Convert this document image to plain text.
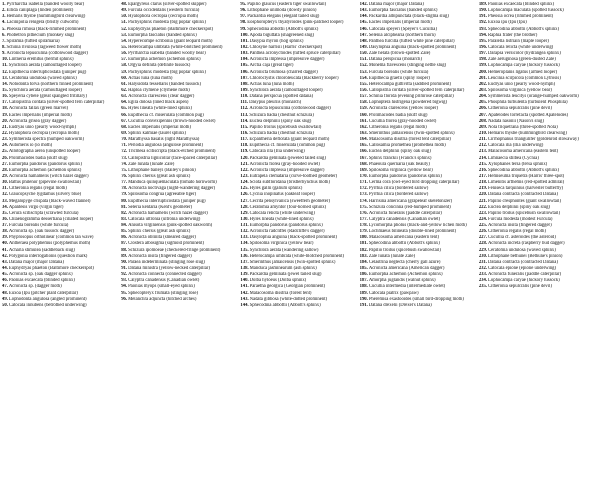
1.Pyrrharctia isabella (banded woolly bear)
2.Ellida caniplaga (linden prominent)
3.Hemaris thysbe (hummingbird clearwing)
4.Lacinipolia renigera (bristly cutworm)
5.Pheosia rimosa (black-rimmed prominent)
6.Phobetron pithecium (monkey slug)
7.Spiramia (tufted spiramaria)
8.Schinia rivulosa (ragweed flower moth)
9.Acronicta lepusculina (cottonwood dagger)
10.Lintneria eremitus (hermit sphinx)
11.Synchlora aerata (camouflaged looper)
12.Eupithecia interrupticostata (juniper pug)
13.Ceratomia undulosa (waved sphinx)
14.Notodonta torva (northern finned prominent)
15.Synchlora aerata (camouflaged looper)
16.Speyeria cybele (great spangled fritillary)
17.Callopistria cordata (silver-spotted fern caterpillar)
18.Acronicta fallax (green marvel)
19.Eacles imperialis (imperial moth)
20.Acronicta grisea (gray dagger)
21.Eudryas unio (pearly wood-nymph)
22.Hyalophora cecropia (cecropia moth)
23.Symmerista spectra (humped oakworm)
24.Automeris io (io moth)
25.Allotographa aerea (unspotted looper)
26.Prolimacodes badia (skiff slug)
27.Eumorpha pandorus (pandorus sphinx)
28.Eumorpha achemon (achemon sphinx)
29.Acronicta hamamelis (witch hazel dagger)
30.Battus philenor (pipevine swallowtail)
31.Citheronia regalis (regal moth)
32.Glaucopsyche lygdamus (silvery blue)
33.Megalopyge crispata (black-waved flannel)
34.Apantesis virgo (virgin tiger)
35.Cerura scitiscripta (scrawled furcula)
36.Chlaenogramma dessertiana (ciliated looper)
37.Furcula borealis (white furcula)
38.Acronicta sp. (oak tussock dagger)
39.Phyprosopus ortholinear (common tan wave)
40.Antheraea polyphemus (polyphemus moth)
41.Acharia stimulea (saddleback slug)
42.Polygonia interrogationis (question mark)
43.Datana major (major Datana)
44.Euphydryas phaeton (Baltimore checkerspot)
45.Acronicta sp. (oak dagger sphinx)
46.Paonias excaecata (blinded sphinx)
47.Acronicta sp. (dagger moth)
48.Euxoa (Ipu (pitcher plant caterpillar)
49.Lophodonta angulosa (angled prominent)
50.Catocala innubens (betrothed underwing)
48.Epargyreus clarus (silver-spotted skipper)
49.Furcula occidentalis (western furcula)
50.Hyalophora cecropia (cecropia moth)
51.Pachysphinx modesta (big poplar sphinx)
52.Euphydryas phaeton (Baltimore checkerspot)
53.Eumorpha fasciatus (banded sphinx)
54.Hyperecompe scribonia (giant leopard moth)
55.Heterocampa umbrata (white-blotched prominent)
56.Pyrrharctia isabella (banded woolly bear)
57.Eumorpha achemon (achemon sphinx)
58.Orgyia definita (definite tussock)
59.Pachysphinx modesta (big poplar sphinx)
60.Actias luna (luna moth)
61.Halysidota tessellaris (banded tussock)
62.Haploa clymene (clymene moth)
63.Acronicta clarescens (clear dagger)
64.Egira dolosa (lined black aspen)
65.Hyles lineata (white-lined sphinx)
66.Eupithecia cf. miserulata (common pug)
67.Cucullia convexipennis (brown-hooded owlet)
68.Eacles imperialis (imperial moth)
69.Sphinx kalmiae (laurel sphinx)
70.Marathyssa basalis (light Marathyssa)
71.Periodia angulosa (angulose prominent)
72.Tricmesa scitiscripta (black-etched prominent)
73.Callopistria lignicollar (face-spaced caterpillar)
74.Zale lunata (lunate Zale)
75.Lithophane baileyi (Bailey's pinion)
76.Sphinx chersis (great ash sphinx)
77.Manduca quinquemaculata (tomato hornworm)
78.Acronicta noctivaga (night-wandering dagger)
79.Spilosoma congrua (agreeable tiger)
80.Eupithecia interrupticostata (juniper pug)
81.Seleria kentaria (Kent's geometer)
82.Acronicta hamamelis (witch hazel dagger)
83.Catocala ultronia (ultronia underwing)
84.Anisota virginiensis (pink-spotted oakworm)
85.Sphinx chersis (great ash sphinx)
86.Acronicta oblinita (smeared dagger)
87.Clostera albosigma (sigmoid prominent)
88.Schizura ipomoeae (checkered-fringe prominent)
89.Acronicta insita (fingered dagger)
90.Paraea indeterminata (stinging rose slug)
91.Datana ministra (yellow-necked caterpillar)
92.Acronicta connecta (connected dagger)
93.Calyptra canadensis (Canadian owlet)
94.Paonias myops (small-eyed sphinx)
95.Sphecopteryx frumata (stinging rose)
96.Melanchra adjuncta (hitched arches)
95.Papilio glaucus (eastern tiger swallowtail)
96.Lithophane unimoda (dowdy pinion)
97.Packardia elegans (elegant tailed slug)
98.Eosphoropteryx thyatyroides (pink-patched looper)
99.Sphecodina abbottii (Abbott's sphinx)
100.Apoda biguttata (shagreened slug)
101.Dasypia myron (hog sphinx)
102.Chlosyne harrisii (Harris' checkerspot)
103.Panthea acronyctoides (tufted spruce caterpillar)
104.Acronicta impressa (impressive dagger)
105.Arctia caja (great tiger)
106.Acronicta brumosa (charred dagger)
107.Chloroclystis chloroleucata (blackberry looper)
108.Actias luna (luna moth)
109.Synchlora aerata (camouflaged looper)
110.Datana perspicua (spotted datana)
111.Dasypus pleuriis (monarch)
112.Acronicta lepusculina (cottonwood dagger)
113.Schizura badia (chestnut schizura)
114.Euclea delphinii (spiny oak slug)
115.Papilio troilus (spicebush swallowtail)
116.Schizura badia (chestnut schizura)
117.Ecpantheria deflorata (giant leopard moth)
118.Eupithecia cf. miserulata (common pug)
119.Catocala illa (Ilia underwing)
120.Packardia geminata (jeweled tailed slug)
121.Acronicta fiorea (gray-hooded owlet)
122.Acronicta impressa (impressive dagger)
123.Eutrapela clemataria (curve-toothed geometer)
124.Sciota subfloridana (bristlerhynchus moth)
125.Hyles gallii (galium sphinx)
126.Cycnia inopinatus (oakleaf looper)
127.Cecrita pensylvanica (sweetfern geometer)
128.Ceratomia amyntor (four-horned sphinx)
129.Catocala relicta (white underwing)
130.Hyles lineata (white-lined sphinx)
131.Eumorpha pandorus (pandorus sphinx)
132.Acronicta radcliffei (Radcliffe's dagger)
133.Dasylophia anguina (black-spotted prominent)
134.Spilosoma virginica (yellow bear)
135.Synchlora aerata (wandering sallow)
136.Heterocampa umbrata (white-blotched prominent)
137.Smerinthus jamaicensis (twin-spotted sphinx)
138.Manduca jasminearum (ash sphinx)
139.Packardia geminata (jewel tailed slug)
140.Dolba hyloeus (Dolba sphinx)
141.Paraetha georgica (Georgian prominent)
142.Malacosoma disstria (forest tent)
143.Nadata gibbosa (white-dotted prominent)
144.Sphecodina abbottii (Abbott's sphinx)
142.Datana major (major Datana)
143.Eumorpha fasciatus (banded sphinx)
144.Packardia albipunctata (black-stigma slug)
145.Eacles imperialis (imperial moth)
146.Catocala speyeri (Speyer's Cucullia)
147.Selenia alciphearia (northern thorn)
148.Panthea furcilla (tufted white pine caterpillar)
149.Dasylophia anguina (black-spotted prominent)
150.Zale helata (brown-spotted Zale)
151.Datana perspicua (monarch)
152.Monema flavescens (stinging nettle slug)
153.Furcula borealis (white furcula)
154.Eupithecia graefii (spiny looper)
155.Heterocampa guttivitta (saddled prominent)
156.Callopistria cordata (silver-spotted fern caterpillar)
157.Schinia florida (evening primrose caterpillar)
158.Lophoptera histrigena (powdered bigwig)
159.Acronicta clarescens (yellow looper)
160.Prolimacodes badia (skiff slug)
161.Cucullia florea (gray-hooded owlet)
162.Citheronia regalis (regal moth)
163.Smerinthus jamaicensis (twin-spotted sphinx)
164.Malacosoma disstria (forest tent caterpillar)
165.Callosamia promethea (promethea moth)
166.Euclea delphinii (spiny oak slug)
167.Sphinx franckii (Franck's sphinx)
168.Phaeoura quernaria (oak beauty)
169.Spilosoma virginica (yellow bear)
170.Eumorpha pandorus (pandorus sphinx)
171.Cerma cora (owl-eyed bird dropping caterpillar)
172.Pyrrhia cilica (bordered sallow)
173.Pyrrhia cilica (bordered sallow)
174.Harrisina americana (grapeleaf skeletonizer)
175.Schizura concinna (red-humped prominent)
176.Acronicta funeralis (paddle caterpillar)
177.Calyptra canadensis (Canadian owlet)
178.Lycomorpha pholus (black-and-yellow lichen moth)
179.Lochmaeus bilineata (double-lined prominent)
180.Malacosoma americana (eastern tent)
181.Sphecodina abbottii (Abbott's sphinx)
182.Papilio troilus (spicebush swallowtail)
183.Zale lunata (lunate Zale)
184.Celastrina neglecta (cherry gall azure)
185.Acronicta americana (American dagger)
186.Eumorpha achemon (Achemon sphinx)
187.Amorpha juglandis (walnut sphinx)
188.Cucullia intermedia (intermediate owlet)
189.Catocala piatrix (pawpaw)
190.Pheremisa exastooides (small bird-dropping moth)
191.Datana drexelii (Drexel's Datana)
189.Paonias excaecata (blinded sphinx)
190.Lophocampa maculata (spotted tussock)
191.Pheosia ocrea (rimmed prominent)
192.Euxoa ipu (Ipu (Ipu)
193.Sphecodina abbottii (Abbott's sphinx)
194.Raphia frater (the brother)
195.Paralella listriain (maple looper)
196.Catocala relicta (white underwing)
197.Darapsa versicolor (hydrangea sphinx)
198.Zale aeruginosa (green-dusted Zale)
199.Lophocampa caryae (hickory tussock)
200.Hemeroplanis ligatus (armed looper)
201.Leucinia scirpicola (common Lytrosis)
202.Eudryas unio (pearly wood-nymph)
203.Spilosoma virginica (yellow bear)
204.Symmerista leucitys (orange-humped oakworm)
205.Phosphila turbulenta (turbulent Phosphila)
206.Citheronia sepulcralis (pine devil)
207.Apatelodes torrefacta (spotted Apatelodes)
208.Nadata nasonii (Nason's slug)
209.Nola triquetrana (three-spotted Nola)
210.Hemaris thysbe (hummingbird clearwing)
211.Cirrhophanus triangulifer (goldenrod stowaway)
212.Catocala ilia (Ilia underwing)
213.Malacosoma americana (eastern tent)
214.Limnaecia stilbea (Cycnia)
215.Xylophanes tersa (tersa sphinx)
216.Sphecodina abbottii (Abbott's sphinx)
217.Hemiseuma triquetra (Harris' three-spot)
218.Limenitis arthemis (red-spotted admiral)
219.Feniseca tarquinius (harvester butterfly)
220.Datana contracta (contracted Datana)
221.Papilio cresphontes (giant swallowtail)
222.Euclea delphinii (spiny oak slug)
223.Papilio troilus (spicebush swallowtail)
224.Furcula modesta (modest Furcula)
225.Acronicta insita (fingered dagger)
226.Citheronia regalis (regal moth)
227.Cucullia cf. asteroides (the asteroid)
228.Acronicta increta (raspberry bud dagger)
229.Ceratomia undulosa (waved sphinx)
230.Lithophane bethunei (Bethune's pinion)
231.Datana contracta (contracted Datana)
232.Catocala epione (epione underwing)
233.Acronicta funeralis (paddle caterpillar)
234.Lophocampa caryae (hickory tussock)
235.Citheronia sepulcralis (pine devil)
